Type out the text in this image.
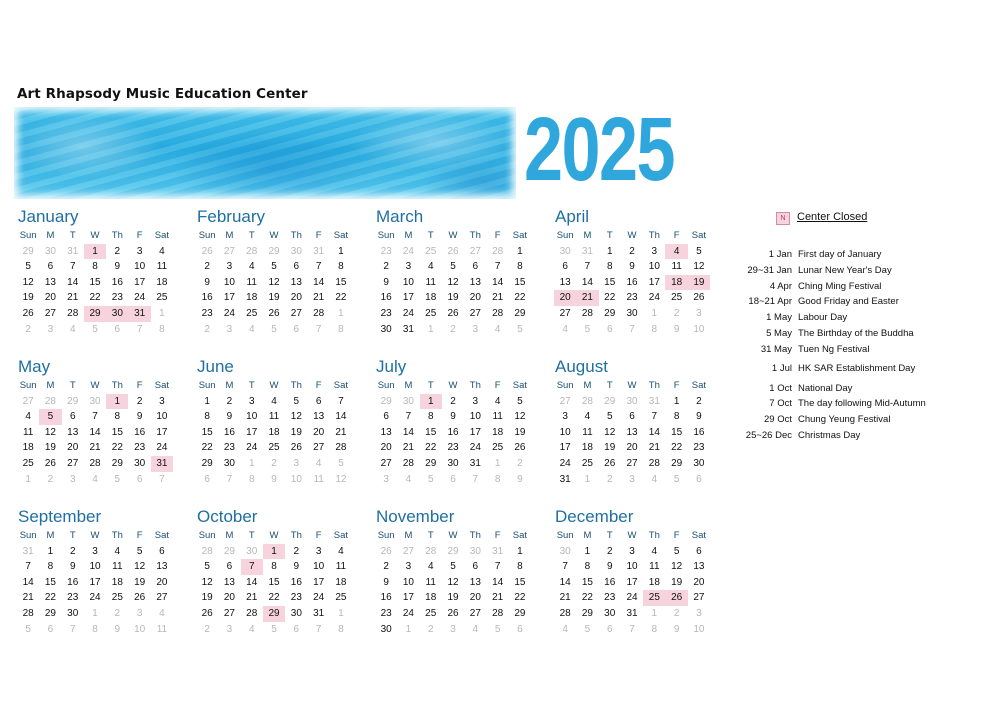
Art Rhapsody Music Education Center
2025
January
Sun	M	T	W	Th	F	Sat
29	30	31	1	2	3	4
5	6	7	8	9	10	11
12	13	14	15	16	17	18
19	20	21	22	23	24	25
26	27	28	29	30	31	1
2	3	4	5	6	7	8
February
Sun	M	T	W	Th	F	Sat
26	27	28	29	30	31	1
2	3	4	5	6	7	8
9	10	11	12	13	14	15
16	17	18	19	20	21	22
23	24	25	26	27	28	1
2	3	4	5	6	7	8
March
Sun	M	T	W	Th	F	Sat
23	24	25	26	27	28	1
2	3	4	5	6	7	8
9	10	11	12	13	14	15
16	17	18	19	20	21	22
23	24	25	26	27	28	29
30	31	1	2	3	4	5
April
Sun	M	T	W	Th	F	Sat
30	31	1	2	3	4	5
6	7	8	9	10	11	12
13	14	15	16	17	18	19
20	21	22	23	24	25	26
27	28	29	30	1	2	3
4	5	6	7	8	9	10
May
Sun	M	T	W	Th	F	Sat
27	28	29	30	1	2	3
4	5	6	7	8	9	10
11	12	13	14	15	16	17
18	19	20	21	22	23	24
25	26	27	28	29	30	31
1	2	3	4	5	6	7
June
Sun	M	T	W	Th	F	Sat
1	2	3	4	5	6	7
8	9	10	11	12	13	14
15	16	17	18	19	20	21
22	23	24	25	26	27	28
29	30	1	2	3	4	5
6	7	8	9	10	11	12
July
Sun	M	T	W	Th	F	Sat
29	30	1	2	3	4	5
6	7	8	9	10	11	12
13	14	15	16	17	18	19
20	21	22	23	24	25	26
27	28	29	30	31	1	2
3	4	5	6	7	8	9
August
Sun	M	T	W	Th	F	Sat
27	28	29	30	31	1	2
3	4	5	6	7	8	9
10	11	12	13	14	15	16
17	18	19	20	21	22	23
24	25	26	27	28	29	30
31	1	2	3	4	5	6
September
Sun	M	T	W	Th	F	Sat
31	1	2	3	4	5	6
7	8	9	10	11	12	13
14	15	16	17	18	19	20
21	22	23	24	25	26	27
28	29	30	1	2	3	4
5	6	7	8	9	10	11
October
Sun	M	T	W	Th	F	Sat
28	29	30	1	2	3	4
5	6	7	8	9	10	11
12	13	14	15	16	17	18
19	20	21	22	23	24	25
26	27	28	29	30	31	1
2	3	4	5	6	7	8
November
Sun	M	T	W	Th	F	Sat
26	27	28	29	30	31	1
2	3	4	5	6	7	8
9	10	11	12	13	14	15
16	17	18	19	20	21	22
23	24	25	26	27	28	29
30	1	2	3	4	5	6
December
Sun	M	T	W	Th	F	Sat
30	1	2	3	4	5	6
7	8	9	10	11	12	13
14	15	16	17	18	19	20
21	22	23	24	25	26	27
28	29	30	31	1	2	3
4	5	6	7	8	9	10
N	Center Closed
1 Jan First day of January
29~31 Jan Lunar New Year's Day
4 Apr Ching Ming Festival
18~21 Apr Good Friday and Easter
1 May Labour Day
5 May The Birthday of the Buddha
31 May Tuen Ng Festival
1 Jul HK SAR Establishment Day
1 Oct National Day
7 Oct The day following Mid-Autumn
29 Oct Chung Yeung Festival
25~26 Dec Christmas Day
